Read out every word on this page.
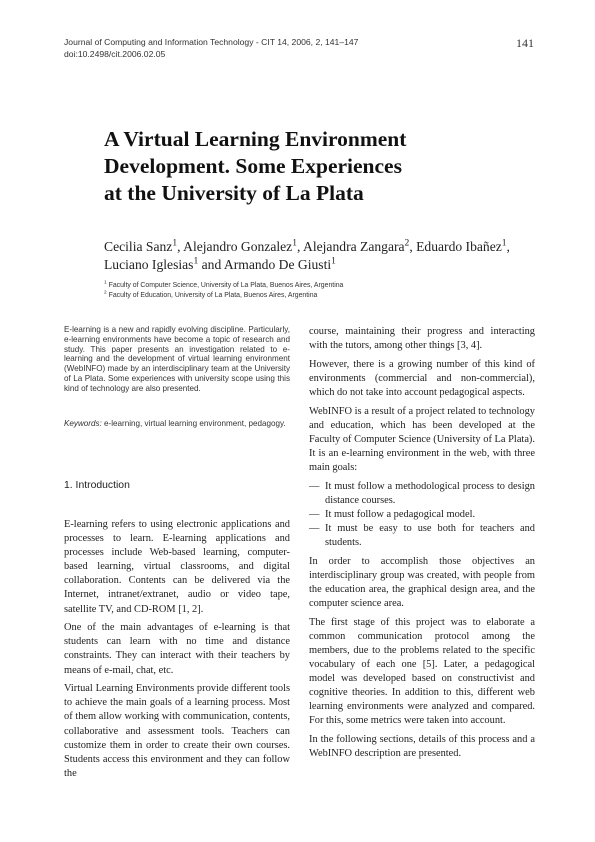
Journal of Computing and Information Technology - CIT 14, 2006, 2, 141–147
doi:10.2498/cit.2006.02.05
141
A Virtual Learning Environment
Development. Some Experiences
at the University of La Plata
Cecilia Sanz$^1$, Alejandro Gonzalez$^1$, Alejandra Zangara$^2$, Eduardo Ibañez$^1$,
Luciano Iglesias$^1$ and Armando De Giusti$^1$
$^1$ Faculty of Computer Science, University of La Plata, Buenos Aires, Argentina
$^2$ Faculty of Education, University of La Plata, Buenos Aires, Argentina
E-learning is a new and rapidly evolving discipline. Particularly, e-learning environments have become a topic of research and study. This paper presents an investigation related to e-learning and the development of virtual learning environment (WebINFO) made by an interdisciplinary team at the University of La Plata. Some experiences with university scope using this kind of technology are also presented.
Keywords: e-learning, virtual learning environment, pedagogy.
1. Introduction

E-learning refers to using electronic applications and processes to learn. E-learning applications and processes include Web-based learning, computer-based learning, virtual classrooms, and digital collaboration. Contents can be delivered via the Internet, intranet/extranet, audio or video tape, satellite TV, and CD-ROM [1, 2].

One of the main advantages of e-learning is that students can learn with no time and distance constraints. They can interact with their teachers by means of e-mail, chat, etc.

Virtual Learning Environments provide different tools to achieve the main goals of a learning process. Most of them allow working with communication, contents, collaborative and assessment tools. Teachers can customize them in order to create their own courses. Students access this environment and they can follow the

course, maintaining their progress and interacting with the tutors, among other things [3, 4].

However, there is a growing number of this kind of environments (commercial and non-commercial), which do not take into account pedagogical aspects.

WebINFO is a result of a project related to technology and education, which has been developed at the Faculty of Computer Science (University of La Plata). It is an e-learning environment in the web, with three main goals:

— It must follow a methodological process to design distance courses.
— It must follow a pedagogical model.
— It must be easy to use both for teachers and students.

In order to accomplish those objectives an interdisciplinary group was created, with people from the education area, the graphical design area, and the computer science area.

The first stage of this project was to elaborate a common communication protocol among the members, due to the problems related to the specific vocabulary of each one [5]. Later, a pedagogical model was developed based on constructivist and cognitive theories. In addition to this, different web learning environments were analyzed and compared. For this, some metrics were taken into account.

In the following sections, details of this process and a WebINFO description are presented.
